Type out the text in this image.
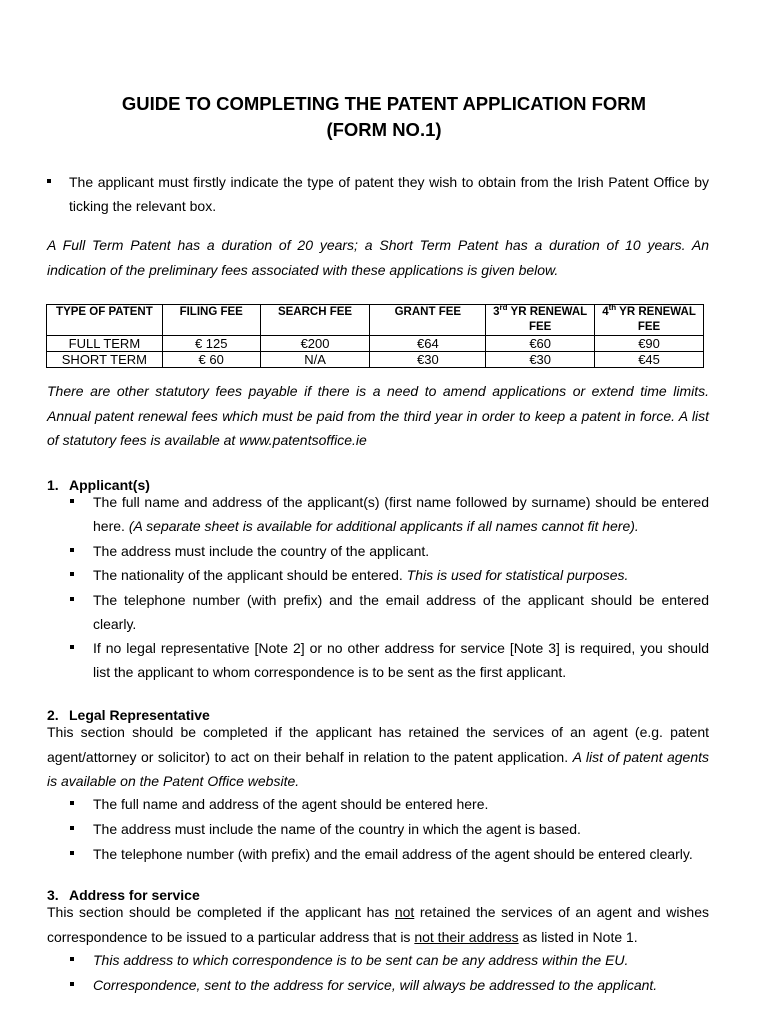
GUIDE TO COMPLETING THE PATENT APPLICATION FORM
(FORM NO.1)
The applicant must firstly indicate the type of patent they wish to obtain from the Irish Patent Office by ticking the relevant box.

A Full Term Patent has a duration of 20 years; a Short Term Patent has a duration of 10 years. An indication of the preliminary fees associated with these applications is given below.

TYPE OF PATENT	FILING FEE	SEARCH FEE	GRANT FEE	3rd YR RENEWAL FEE	4th YR RENEWAL FEE
FULL TERM	€ 125	€200	€64	€60	€90
SHORT TERM	€ 60	N/A	€30	€30	€45

There are other statutory fees payable if there is a need to amend applications or extend time limits. Annual patent renewal fees which must be paid from the third year in order to keep a patent in force. A list of statutory fees is available at www.patentsoffice.ie

1. Applicant(s)
The full name and address of the applicant(s) (first name followed by surname) should be entered here. (A separate sheet is available for additional applicants if all names cannot fit here).
The address must include the country of the applicant.
The nationality of the applicant should be entered. This is used for statistical purposes.
The telephone number (with prefix) and the email address of the applicant should be entered clearly.
If no legal representative [Note 2] or no other address for service [Note 3] is required, you should list the applicant to whom correspondence is to be sent as the first applicant.
2. Legal Representative

This section should be completed if the applicant has retained the services of an agent (e.g. patent agent/attorney or solicitor) to act on their behalf in relation to the patent application. A list of patent agents is available on the Patent Office website.

The full name and address of the agent should be entered here.
The address must include the name of the country in which the agent is based.
The telephone number (with prefix) and the email address of the agent should be entered clearly.
3. Address for service

This section should be completed if the applicant has not retained the services of an agent and wishes correspondence to be issued to a particular address that is not their address as listed in Note 1.

This address to which correspondence is to be sent can be any address within the EU.
Correspondence, sent to the address for service, will always be addressed to the applicant.
